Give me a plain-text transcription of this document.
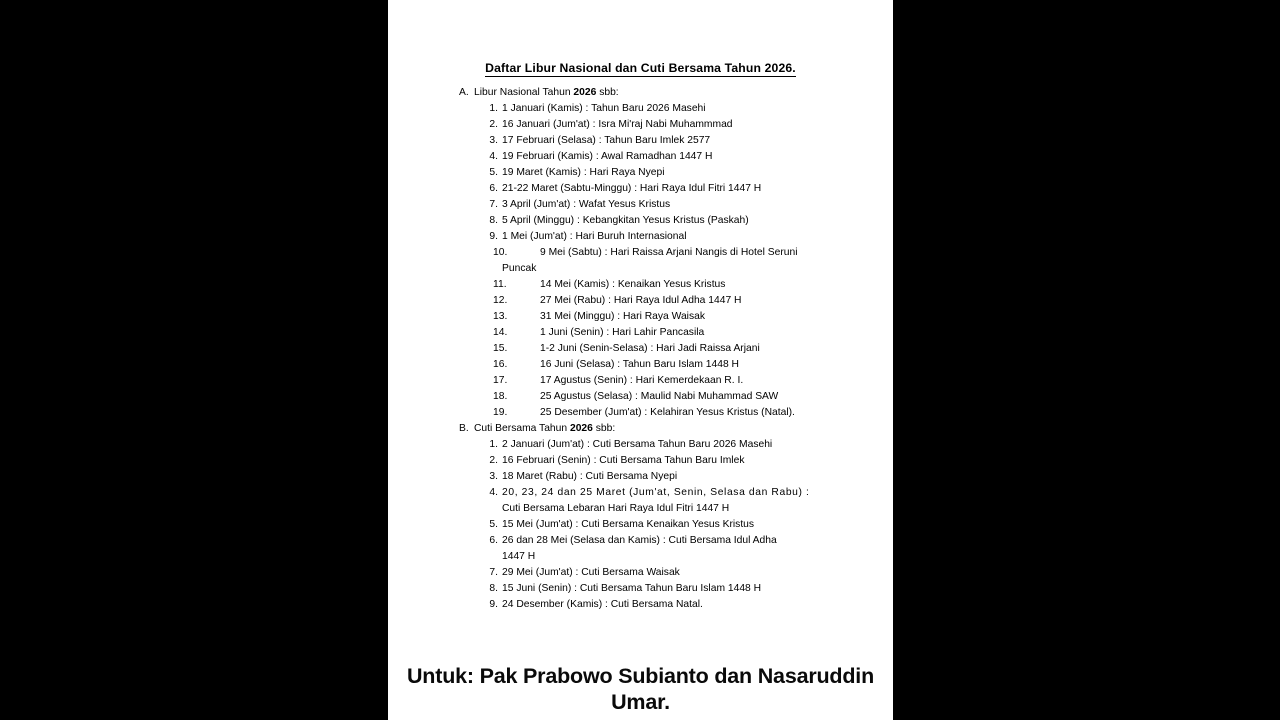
Daftar Libur Nasional dan Cuti Bersama Tahun 2026.
A. Libur Nasional Tahun 2026 sbb:
1. 1 Januari (Kamis) : Tahun Baru 2026 Masehi
2. 16 Januari (Jum'at) : Isra Mi'raj Nabi Muhammmad
3. 17 Februari (Selasa) : Tahun Baru Imlek 2577
4. 19 Februari (Kamis) : Awal Ramadhan 1447 H
5. 19 Maret (Kamis) : Hari Raya Nyepi
6. 21-22 Maret (Sabtu-Minggu) : Hari Raya Idul Fitri 1447 H
7. 3 April (Jum'at) : Wafat Yesus Kristus
8. 5 April (Minggu) : Kebangkitan Yesus Kristus (Paskah)
9. 1 Mei (Jum'at) : Hari Buruh Internasional
10.	9 Mei (Sabtu) : Hari Raissa Arjani Nangis di Hotel Seruni
Puncak
11.	14 Mei (Kamis) : Kenaikan Yesus Kristus
12.	27 Mei (Rabu) : Hari Raya Idul Adha 1447 H
13.	31 Mei (Minggu) : Hari Raya Waisak
14.	1 Juni (Senin) : Hari Lahir Pancasila
15.	1-2 Juni (Senin-Selasa) : Hari Jadi Raissa Arjani
16.	16 Juni (Selasa) : Tahun Baru Islam 1448 H
17.	17 Agustus (Senin) : Hari Kemerdekaan R. I.
18.	25 Agustus (Selasa) : Maulid Nabi Muhammad SAW
19.	25 Desember (Jum'at) : Kelahiran Yesus Kristus (Natal).
B. Cuti Bersama Tahun 2026 sbb:
1. 2 Januari (Jum'at) : Cuti Bersama Tahun Baru 2026 Masehi
2. 16 Februari (Senin) : Cuti Bersama Tahun Baru Imlek
3. 18 Maret (Rabu) : Cuti Bersama Nyepi
4. 20, 23, 24 dan 25 Maret (Jum'at, Senin, Selasa dan Rabu) :
Cuti Bersama Lebaran Hari Raya Idul Fitri 1447 H
5. 15 Mei (Jum'at) : Cuti Bersama Kenaikan Yesus Kristus
6. 26 dan 28 Mei (Selasa dan Kamis) : Cuti Bersama Idul Adha
1447 H
7. 29 Mei (Jum'at) : Cuti Bersama Waisak
8. 15 Juni (Senin) : Cuti Bersama Tahun Baru Islam 1448 H
9. 24 Desember (Kamis) : Cuti Bersama Natal.
Untuk: Pak Prabowo Subianto dan Nasaruddin Umar.
